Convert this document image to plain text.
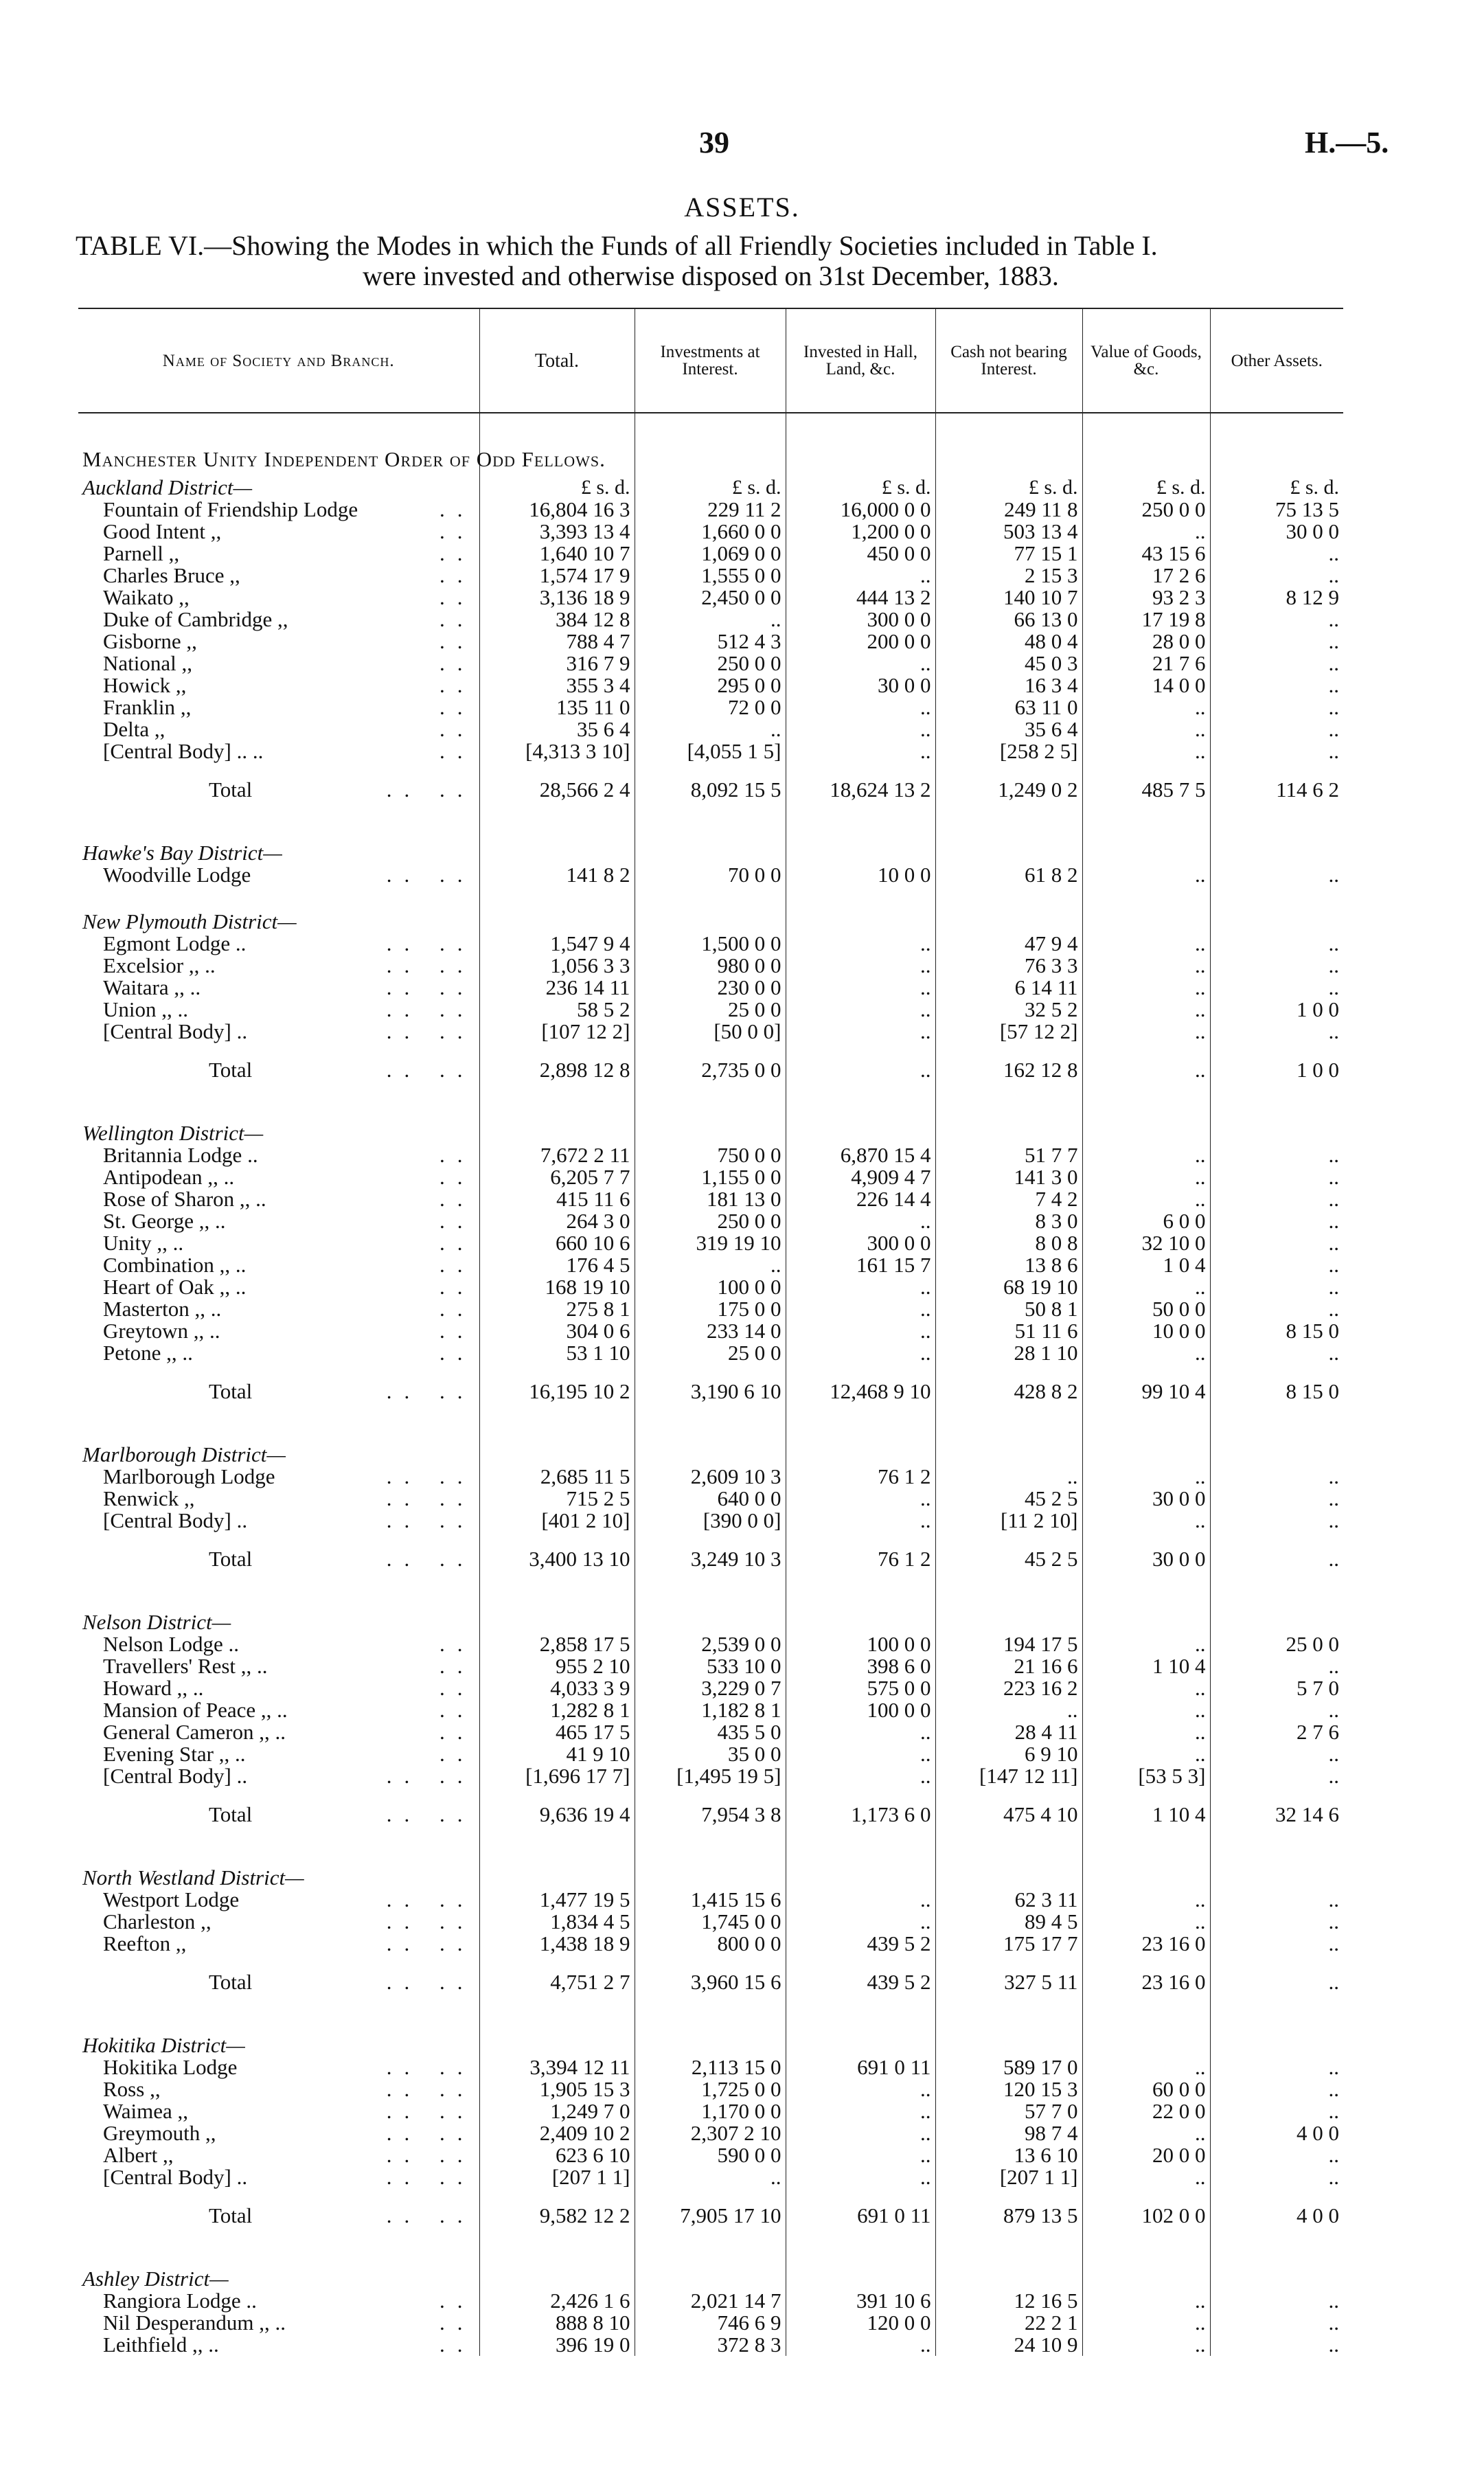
39	H.—5.
ASSETS.
TABLE VI.—Showing the Modes in which the Funds of all Friendly Societies included in Table I.
were invested and otherwise disposed on 31st December, 1883.
Name of Society and Branch.	Total.	Investments at Interest.	Invested in Hall, Land, &c.	Cash not bearing Interest.	Value of Goods, &c.	Other Assets.
Manchester Unity Independent Order of Odd Fellows.						
Auckland District—	£ s. d.	£ s. d.	£ s. d.	£ s. d.	£ s. d.	£ s. d.
Fountain of Friendship Lodge ..	16,804 16 3	229 11 2	16,000 0 0	249 11 8	250 0 0	75 13 5
Good Intent ,, ..	3,393 13 4	1,660 0 0	1,200 0 0	503 13 4	..	30 0 0
Parnell ,, ..	1,640 10 7	1,069 0 0	450 0 0	77 15 1	43 15 6	..
Charles Bruce ,, ..	1,574 17 9	1,555 0 0	..	2 15 3	17 2 6	..
Waikato ,, ..	3,136 18 9	2,450 0 0	444 13 2	140 10 7	93 2 3	8 12 9
Duke of Cambridge ,, ..	384 12 8	..	300 0 0	66 13 0	17 19 8	..
Gisborne ,, ..	788 4 7	512 4 3	200 0 0	48 0 4	28 0 0	..
National ,, ..	316 7 9	250 0 0	..	45 0 3	21 7 6	..
Howick ,, ..	355 3 4	295 0 0	30 0 0	16 3 4	14 0 0	..
Franklin ,, ..	135 11 0	72 0 0	..	63 11 0	..	..
Delta ,, ..	35 6 4	..	..	35 6 4	..	..
[Central Body] .. .. ..	[4,313 3 10]	[4,055 1 5]	..	[258 2 5]	..	..
Total .. ..	28,566 2 4	8,092 15 5	18,624 13 2	1,249 0 2	485 7 5	114 6 2
Hawke's Bay District—						
Woodville Lodge .. ..	141 8 2	70 0 0	10 0 0	61 8 2	..	..
New Plymouth District—						
Egmont Lodge .. .. ..	1,547 9 4	1,500 0 0	..	47 9 4	..	..
Excelsior ,, .. .. ..	1,056 3 3	980 0 0	..	76 3 3	..	..
Waitara ,, .. .. ..	236 14 11	230 0 0	..	6 14 11	..	..
Union ,, .. .. ..	58 5 2	25 0 0	..	32 5 2	..	1 0 0
[Central Body] .. .. ..	[107 12 2]	[50 0 0]	..	[57 12 2]	..	..
Total .. ..	2,898 12 8	2,735 0 0	..	162 12 8	..	1 0 0
Wellington District—						
Britannia Lodge .. ..	7,672 2 11	750 0 0	6,870 15 4	51 7 7	..	..
Antipodean ,, .. ..	6,205 7 7	1,155 0 0	4,909 4 7	141 3 0	..	..
Rose of Sharon ,, .. ..	415 11 6	181 13 0	226 14 4	7 4 2	..	..
St. George ,, .. ..	264 3 0	250 0 0	..	8 3 0	6 0 0	..
Unity ,, .. ..	660 10 6	319 19 10	300 0 0	8 0 8	32 10 0	..
Combination ,, .. ..	176 4 5	..	161 15 7	13 8 6	1 0 4	..
Heart of Oak ,, .. ..	168 19 10	100 0 0	..	68 19 10	..	..
Masterton ,, .. ..	275 8 1	175 0 0	..	50 8 1	50 0 0	..
Greytown ,, .. ..	304 0 6	233 14 0	..	51 11 6	10 0 0	8 15 0
Petone ,, .. ..	53 1 10	25 0 0	..	28 1 10	..	..
Total .. ..	16,195 10 2	3,190 6 10	12,468 9 10	428 8 2	99 10 4	8 15 0
Marlborough District—						
Marlborough Lodge .. ..	2,685 11 5	2,609 10 3	76 1 2	..	..	..
Renwick ,, .. ..	715 2 5	640 0 0	..	45 2 5	30 0 0	..
[Central Body] .. .. ..	[401 2 10]	[390 0 0]	..	[11 2 10]	..	..
Total .. ..	3,400 13 10	3,249 10 3	76 1 2	45 2 5	30 0 0	..
Nelson District—						
Nelson Lodge .. ..	2,858 17 5	2,539 0 0	100 0 0	194 17 5	..	25 0 0
Travellers' Rest ,, .. ..	955 2 10	533 10 0	398 6 0	21 16 6	1 10 4	..
Howard ,, .. ..	4,033 3 9	3,229 0 7	575 0 0	223 16 2	..	5 7 0
Mansion of Peace ,, .. ..	1,282 8 1	1,182 8 1	100 0 0	..	..	..
General Cameron ,, .. ..	465 17 5	435 5 0	..	28 4 11	..	2 7 6
Evening Star ,, .. ..	41 9 10	35 0 0	..	6 9 10	..	..
[Central Body] .. .. ..	[1,696 17 7]	[1,495 19 5]	..	[147 12 11]	[53 5 3]	..
Total .. ..	9,636 19 4	7,954 3 8	1,173 6 0	475 4 10	1 10 4	32 14 6
North Westland District—						
Westport Lodge .. ..	1,477 19 5	1,415 15 6	..	62 3 11	..	..
Charleston ,, .. ..	1,834 4 5	1,745 0 0	..	89 4 5	..	..
Reefton ,, .. ..	1,438 18 9	800 0 0	439 5 2	175 17 7	23 16 0	..
Total .. ..	4,751 2 7	3,960 15 6	439 5 2	327 5 11	23 16 0	..
Hokitika District—						
Hokitika Lodge .. ..	3,394 12 11	2,113 15 0	691 0 11	589 17 0	..	..
Ross ,, .. ..	1,905 15 3	1,725 0 0	..	120 15 3	60 0 0	..
Waimea ,, .. ..	1,249 7 0	1,170 0 0	..	57 7 0	22 0 0	..
Greymouth ,, .. ..	2,409 10 2	2,307 2 10	..	98 7 4	..	4 0 0
Albert ,, .. ..	623 6 10	590 0 0	..	13 6 10	20 0 0	..
[Central Body] .. .. ..	[207 1 1]	..	..	[207 1 1]	..	..
Total .. ..	9,582 12 2	7,905 17 10	691 0 11	879 13 5	102 0 0	4 0 0
Ashley District—						
Rangiora Lodge .. ..	2,426 1 6	2,021 14 7	391 10 6	12 16 5	..	..
Nil Desperandum ,, .. ..	888 8 10	746 6 9	120 0 0	22 2 1	..	..
Leithfield ,, .. ..	396 19 0	372 8 3	..	24 10 9	..	..
